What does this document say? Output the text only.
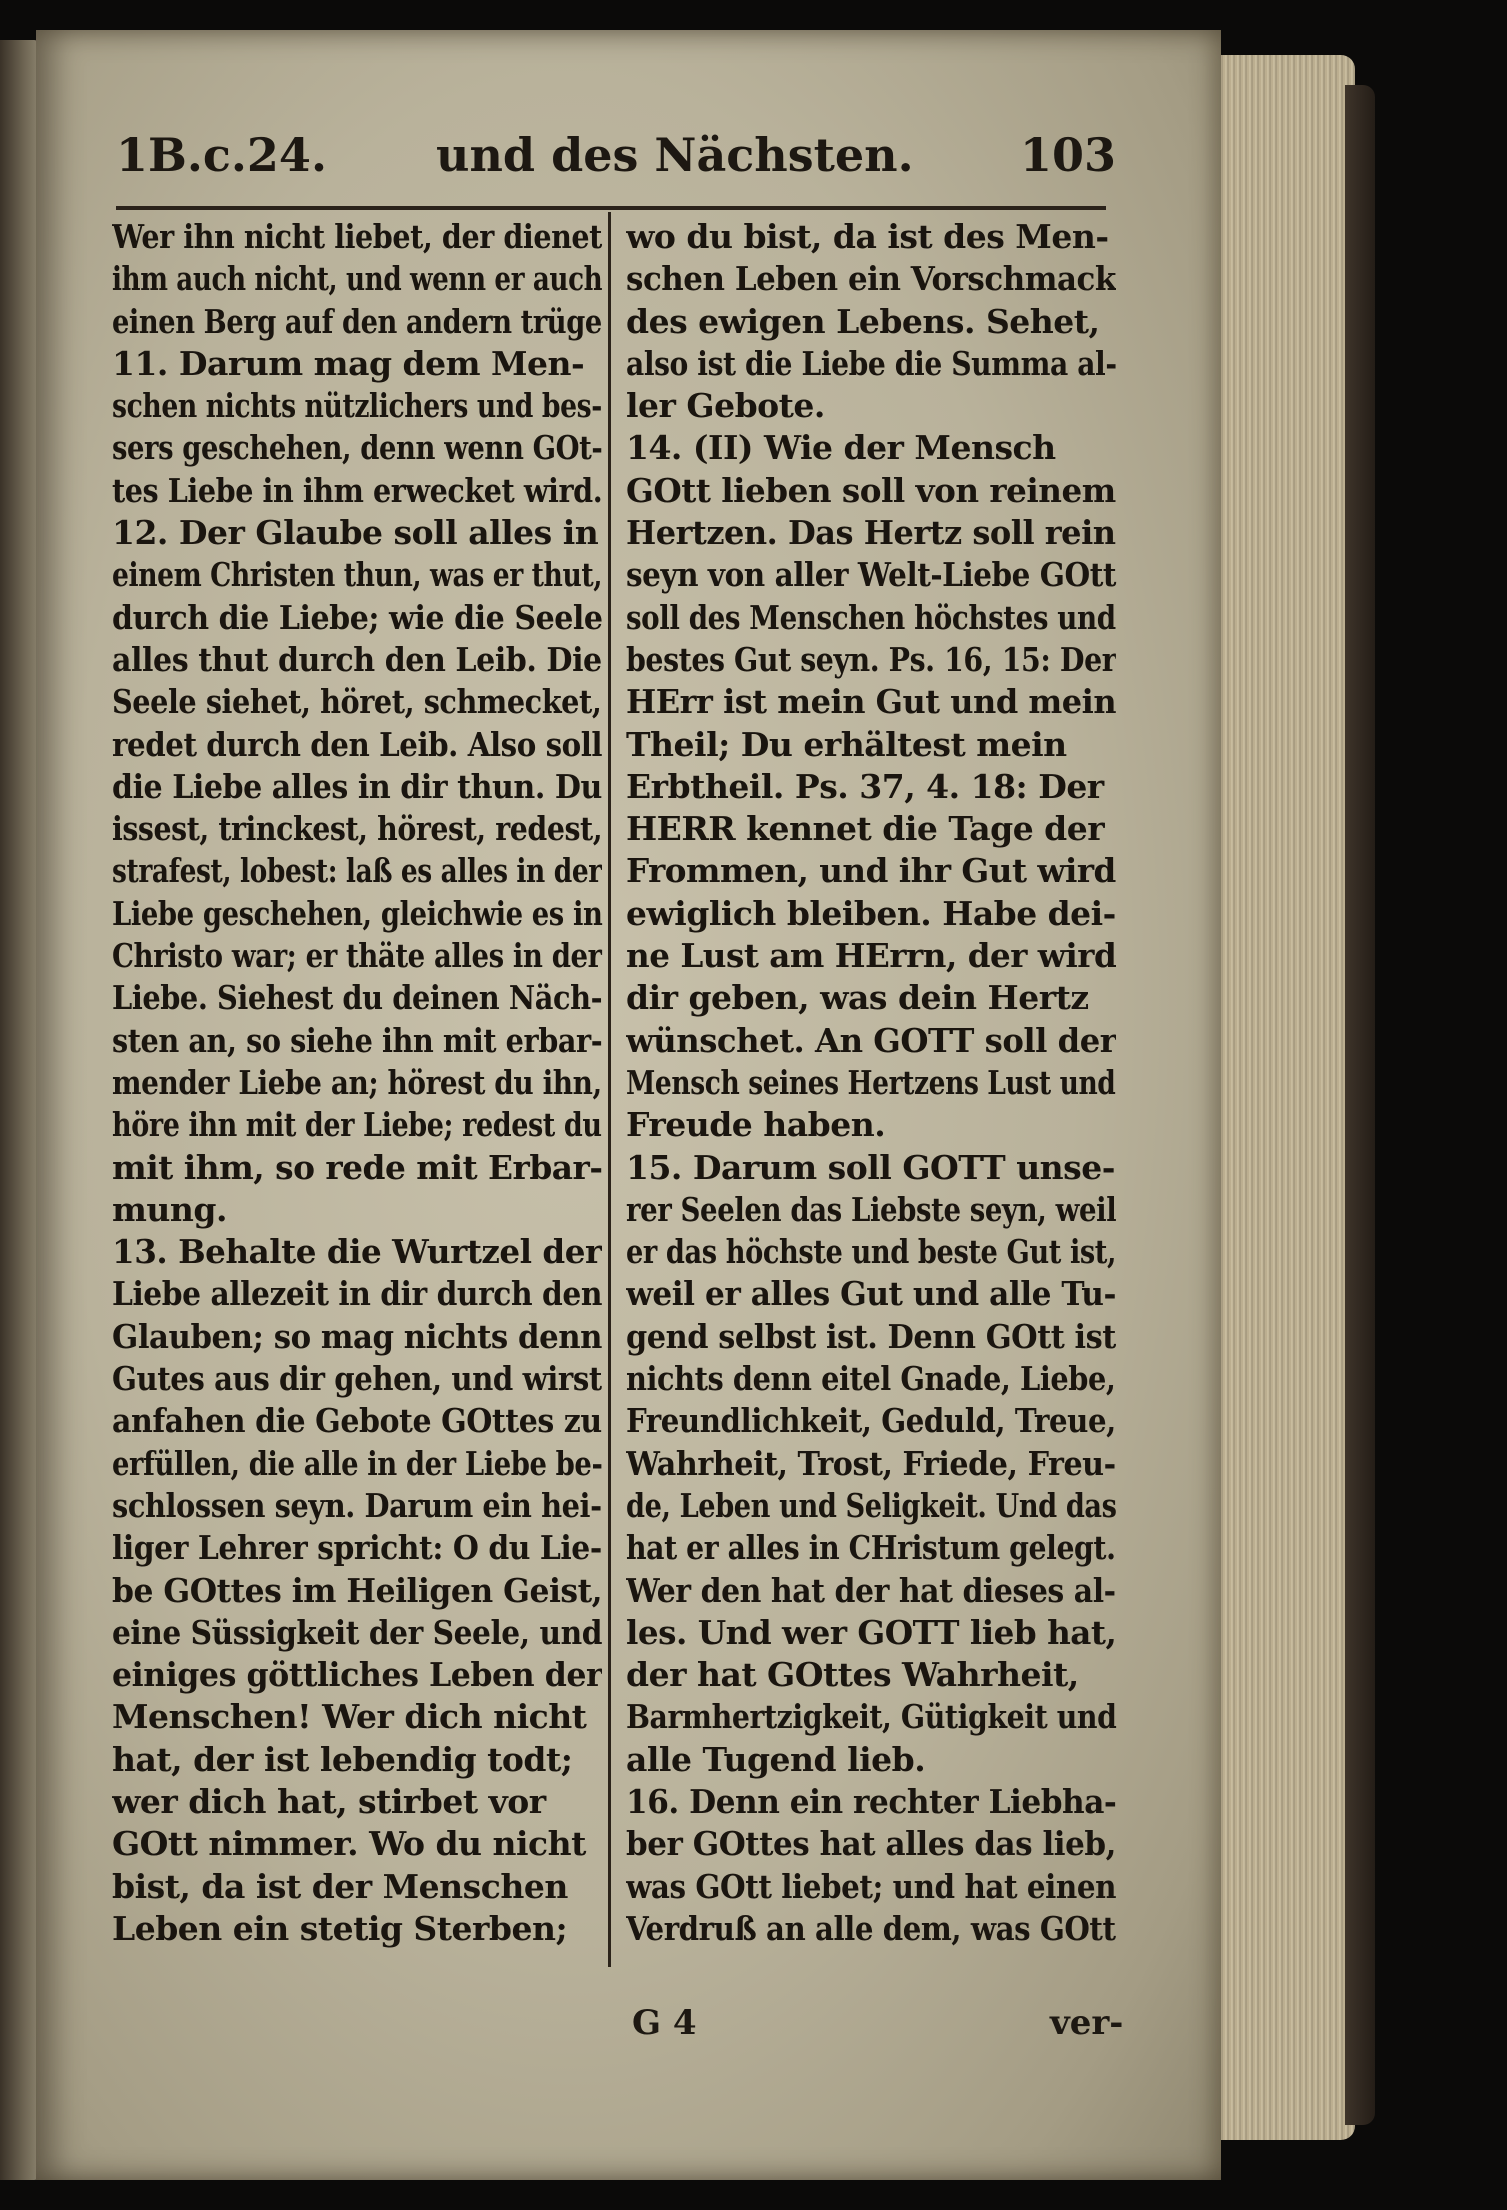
1B.c.24. und des Nächsten. 103
Wer ihn nicht liebet, der dienet
ihm auch nicht, und wenn er auch
einen Berg auf den andern trüge
11. Darum mag dem Men-
schen nichts nützlichers und bes-
sers geschehen, denn wenn GOt-
tes Liebe in ihm erwecket wird.
12. Der Glaube soll alles in
einem Christen thun, was er thut,
durch die Liebe; wie die Seele
alles thut durch den Leib. Die
Seele siehet, höret, schmecket,
redet durch den Leib. Also soll
die Liebe alles in dir thun. Du
issest, trinckest, hörest, redest,
strafest, lobest: laß es alles in der
Liebe geschehen, gleichwie es in
Christo war; er thäte alles in der
Liebe. Siehest du deinen Näch-
sten an, so siehe ihn mit erbar-
mender Liebe an; hörest du ihn,
höre ihn mit der Liebe; redest du
mit ihm, so rede mit Erbar-
mung.
13. Behalte die Wurtzel der
Liebe allezeit in dir durch den
Glauben; so mag nichts denn
Gutes aus dir gehen, und wirst
anfahen die Gebote GOttes zu
erfüllen, die alle in der Liebe be-
schlossen seyn. Darum ein hei-
liger Lehrer spricht: O du Lie-
be GOttes im Heiligen Geist,
eine Süssigkeit der Seele, und
einiges göttliches Leben der
Menschen! Wer dich nicht
hat, der ist lebendig todt;
wer dich hat, stirbet vor
GOtt nimmer. Wo du nicht
bist, da ist der Menschen
Leben ein stetig Sterben;
wo du bist, da ist des Men-
schen Leben ein Vorschmack
des ewigen Lebens. Sehet,
also ist die Liebe die Summa al-
ler Gebote.
14. (II) Wie der Mensch
GOtt lieben soll von reinem
Hertzen. Das Hertz soll rein
seyn von aller Welt-Liebe GOtt
soll des Menschen höchstes und
bestes Gut seyn. Ps. 16, 15: Der
HErr ist mein Gut und mein
Theil; Du erhältest mein
Erbtheil. Ps. 37, 4. 18: Der
HERR kennet die Tage der
Frommen, und ihr Gut wird
ewiglich bleiben. Habe dei-
ne Lust am HErrn, der wird
dir geben, was dein Hertz
wünschet. An GOTT soll der
Mensch seines Hertzens Lust und
Freude haben.
15. Darum soll GOTT unse-
rer Seelen das Liebste seyn, weil
er das höchste und beste Gut ist,
weil er alles Gut und alle Tu-
gend selbst ist. Denn GOtt ist
nichts denn eitel Gnade, Liebe,
Freundlichkeit, Geduld, Treue,
Wahrheit, Trost, Friede, Freu-
de, Leben und Seligkeit. Und das
hat er alles in CHristum gelegt.
Wer den hat der hat dieses al-
les. Und wer GOTT lieb hat,
der hat GOttes Wahrheit,
Barmhertzigkeit, Gütigkeit und
alle Tugend lieb.
16. Denn ein rechter Liebha-
ber GOttes hat alles das lieb,
was GOtt liebet; und hat einen
Verdruß an alle dem, was GOtt
G 4	ver-
